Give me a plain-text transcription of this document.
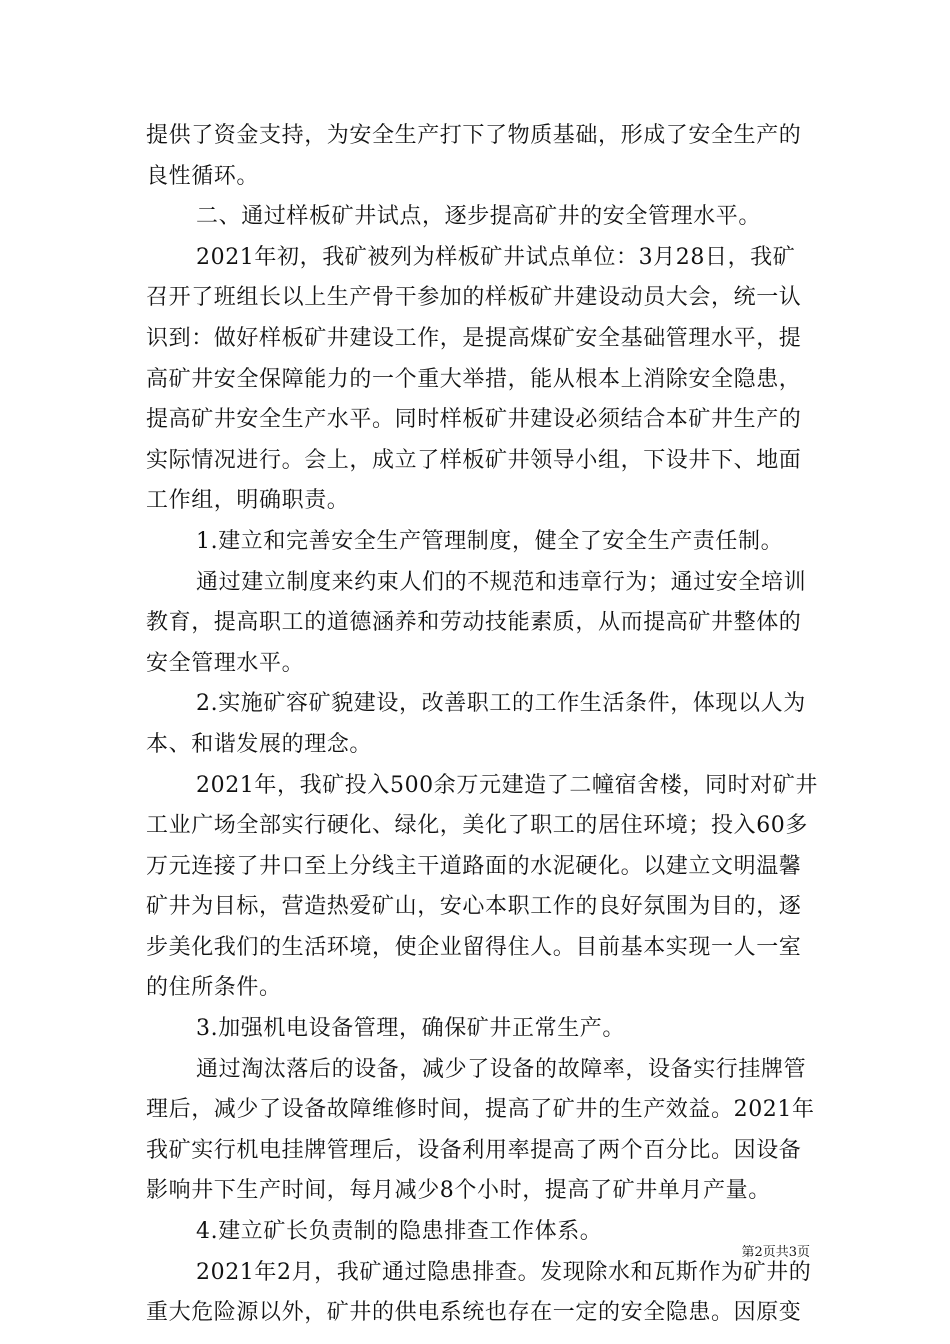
提供了资金支持，为安全生产打下了物质基础，形成了安全生产的
良性循环。
二、通过样板矿井试点，逐步提高矿井的安全管理水平。
2021年初，我矿被列为样板矿井试点单位：3月28日，我矿
召开了班组长以上生产骨干参加的样板矿井建设动员大会，统一认
识到：做好样板矿井建设工作，是提高煤矿安全基础管理水平，提
高矿井安全保障能力的一个重大举措，能从根本上消除安全隐患，
提高矿井安全生产水平。同时样板矿井建设必须结合本矿井生产的
实际情况进行。会上，成立了样板矿井领导小组，下设井下、地面
工作组，明确职责。
1.建立和完善安全生产管理制度，健全了安全生产责任制。
通过建立制度来约束人们的不规范和违章行为；通过安全培训
教育，提高职工的道德涵养和劳动技能素质，从而提高矿井整体的
安全管理水平。
2.实施矿容矿貌建设，改善职工的工作生活条件，体现以人为
本、和谐发展的理念。
2021年，我矿投入500余万元建造了二幢宿舍楼，同时对矿井
工业广场全部实行硬化、绿化，美化了职工的居住环境；投入60多
万元连接了井口至上分线主干道路面的水泥硬化。以建立文明温馨
矿井为目标，营造热爱矿山，安心本职工作的良好氛围为目的，逐
步美化我们的生活环境，使企业留得住人。目前基本实现一人一室
的住所条件。
3.加强机电设备管理，确保矿井正常生产。
通过淘汰落后的设备，减少了设备的故障率，设备实行挂牌管
理后，减少了设备故障维修时间，提高了矿井的生产效益。2021年
我矿实行机电挂牌管理后，设备利用率提高了两个百分比。因设备
影响井下生产时间，每月减少8个小时，提高了矿井单月产量。
4.建立矿长负责制的隐患排查工作体系。
2021年2月，我矿通过隐患排查。发现除水和瓦斯作为矿井的
重大危险源以外，矿井的供电系统也存在一定的安全隐患。因原变
第2页共3页
